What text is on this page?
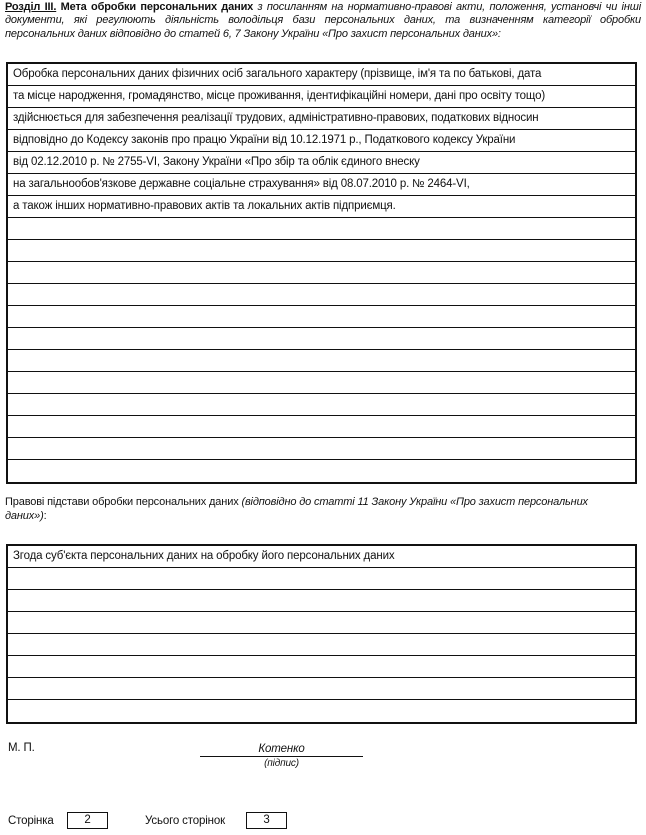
Розділ III. Мета обробки персональних даних з посиланням на нормативно-правові акти, положення, установчі чи інші документи, які регулюють діяльність володільця бази персональних даних, та визначенням категорії обробки персональних даних відповідно до статей 6, 7 Закону України «Про захист персональних даних»:

Обробка персональних даних фізичних осіб загального характеру (прізвище, ім'я та по батькові, дата
та місце народження, громадянство, місце проживання, ідентифікаційні номери, дані про освіту тощо)
здійснюється для забезпечення реалізації трудових, адміністративно-правових, податкових відносин
відповідно до Кодексу законів про працю України від 10.12.1971 р., Податкового кодексу України
від 02.12.2010 р. № 2755-VI, Закону України «Про збір та облік єдиного внеску
на загальнообов'язкове державне соціальне страхування» від 08.07.2010 р. № 2464-VI,
а також інших нормативно-правових актів та локальних актів підприємця.

Правові підстави обробки персональних даних (відповідно до статті 11 Закону України «Про захист персональних даних»):

Згода суб'єкта персональних даних на обробку його персональних даних
М. П.	Котенко
(підпис)
Сторінка	2	Усього сторінок	3
